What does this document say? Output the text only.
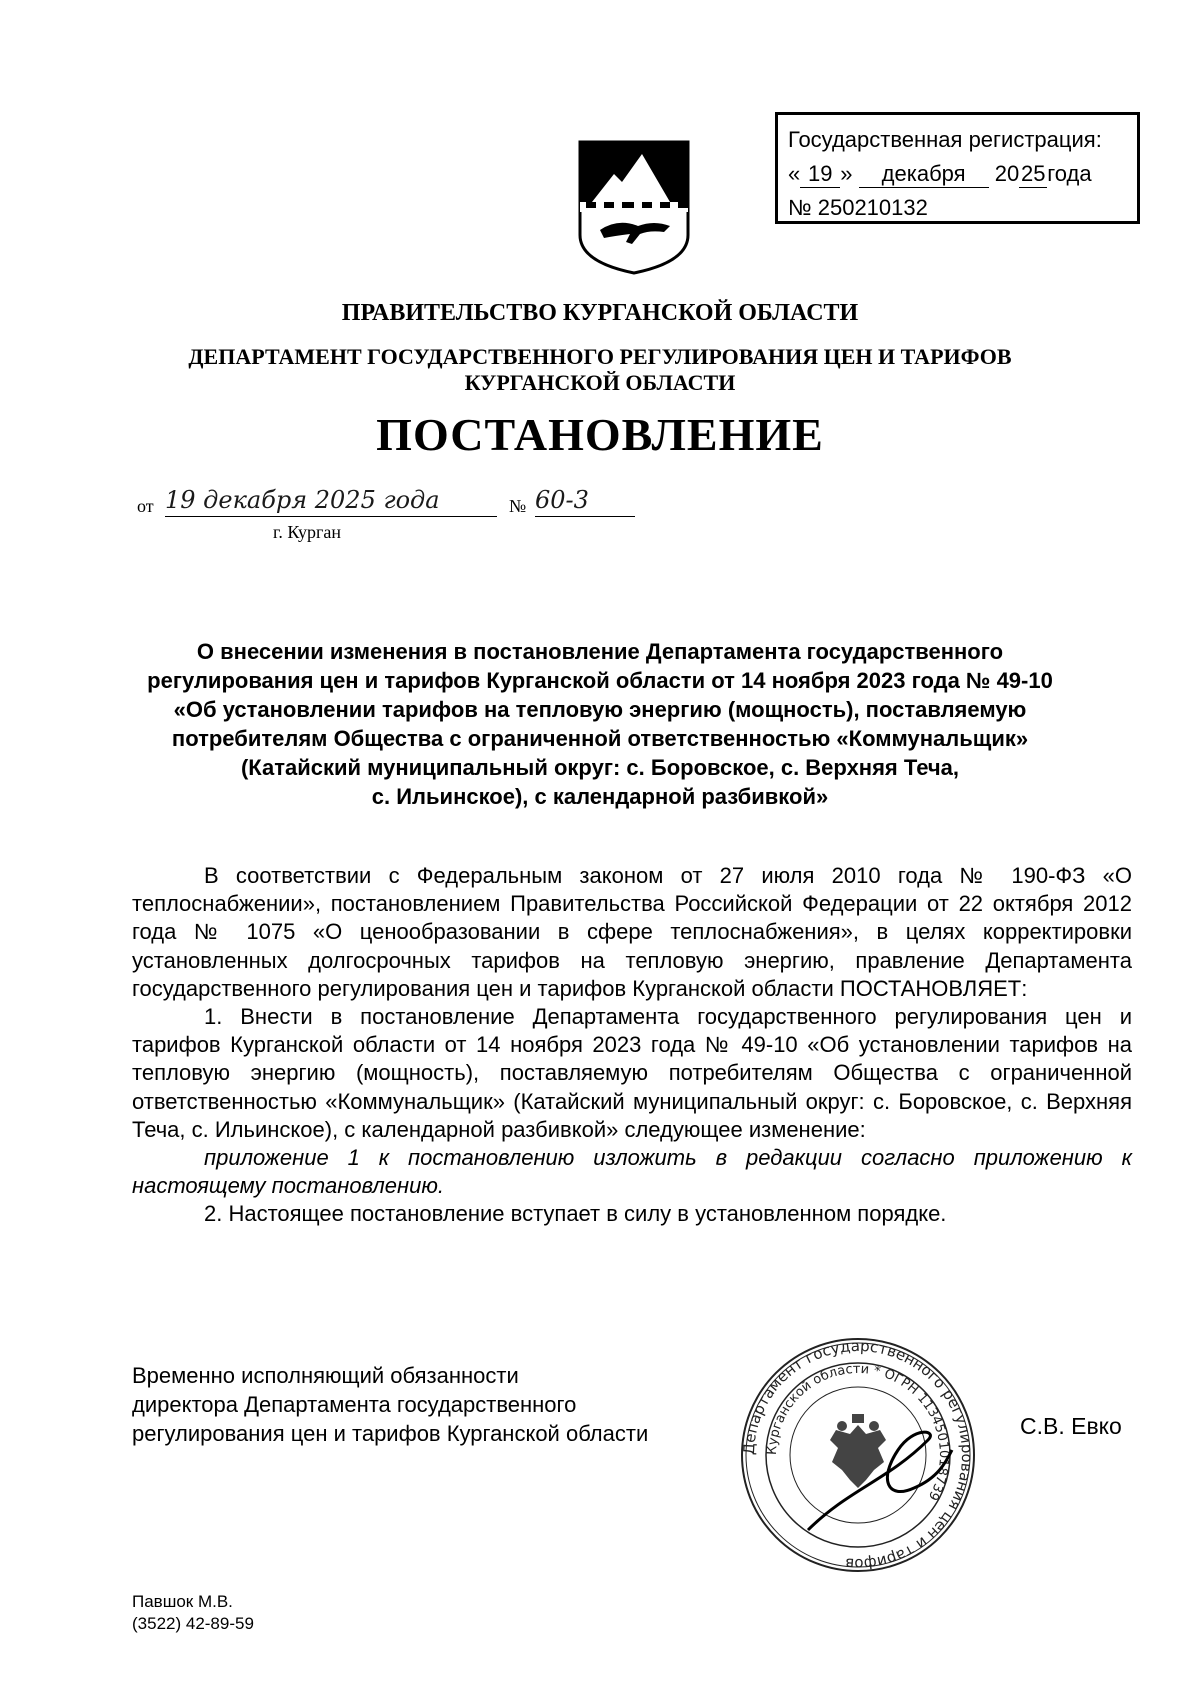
Государственная регистрация:
« 19 » декабря 2025года
№ 250210132
ПРАВИТЕЛЬСТВО КУРГАНСКОЙ ОБЛАСТИ
ДЕПАРТАМЕНТ ГОСУДАРСТВЕННОГО РЕГУЛИРОВАНИЯ ЦЕН И ТАРИФОВ
КУРГАНСКОЙ ОБЛАСТИ
ПОСТАНОВЛЕНИЕ
от 19 декабря 2025 года	№ 60-3
г. Курган
О внесении изменения в постановление Департамента государственного
регулирования цен и тарифов Курганской области от 14 ноября 2023 года № 49-10
«Об установлении тарифов на тепловую энергию (мощность), поставляемую
потребителям Общества с ограниченной ответственностью «Коммунальщик»
(Катайский муниципальный округ: с. Боровское, с. Верхняя Теча,
с. Ильинское), с календарной разбивкой»

В соответствии с Федеральным законом от 27 июля 2010 года № 190-ФЗ «О теплоснабжении», постановлением Правительства Российской Федерации от 22 октября 2012 года № 1075 «О ценообразовании в сфере теплоснабжения», в целях корректировки установленных долгосрочных тарифов на тепловую энергию, правление Департамента государственного регулирования цен и тарифов Курганской области ПОСТАНОВЛЯЕТ:

1. Внести в постановление Департамента государственного регулирования цен и тарифов Курганской области от 14 ноября 2023 года № 49-10 «Об установлении тарифов на тепловую энергию (мощность), поставляемую потребителям Общества с ограниченной ответственностью «Коммунальщик» (Катайский муниципальный округ: с. Боровское, с. Верхняя Теча, с. Ильинское), с календарной разбивкой» следующее изменение:

приложение 1 к постановлению изложить в редакции согласно приложению к настоящему постановлению.

2. Настоящее постановление вступает в силу в установленном порядке.

Временно исполняющий обязанности
директора Департамента государственного
регулирования цен и тарифов Курганской области	С.В. Евко
Департамент государственного регулирования цен и тарифов
Курганской области * ОГРН 1134501018739
Павшок М.В.
(3522) 42-89-59
